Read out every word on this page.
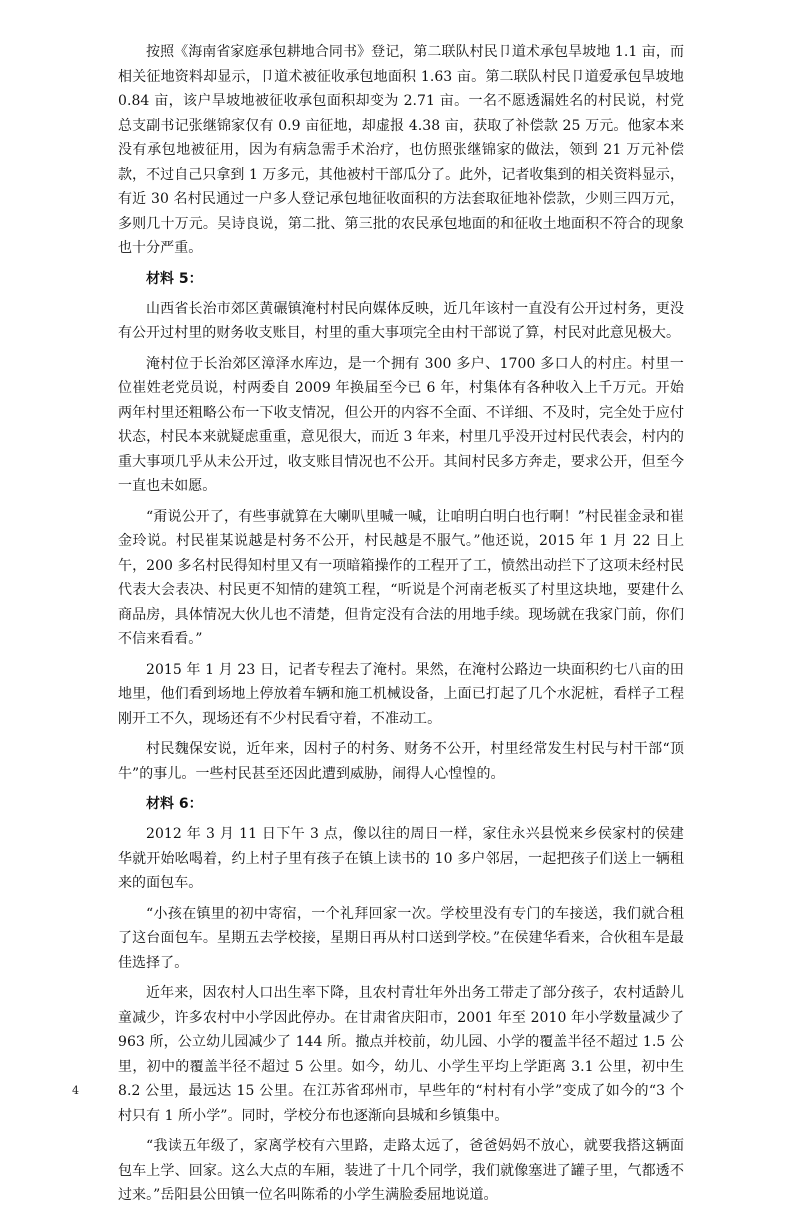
按照《海南省家庭承包耕地合同书》登记，第二联队村民卩道术承包旱坡地 1.1 亩，而相关征地资料却显示，卩道术被征收承包地面积 1.63 亩。第二联队村民卩道爱承包旱坡地 0.84 亩，该户旱坡地被征收承包面积却变为 2.71 亩。一名不愿透漏姓名的村民说，村党总支副书记张继锦家仅有 0.9 亩征地，却虚报 4.38 亩，获取了补偿款 25 万元。他家本来没有承包地被征用，因为有病急需手术治疗，也仿照张继锦家的做法，领到 21 万元补偿款，不过自己只拿到 1 万多元，其他被村干部瓜分了。此外，记者收集到的相关资料显示，有近 30 名村民通过一户多人登记承包地征收面积的方法套取征地补偿款，少则三四万元，多则几十万元。吴诗良说，第二批、第三批的农民承包地面的和征收土地面积不符合的现象也十分严重。

材料 5：

山西省长治市郊区黄碾镇淹村村民向媒体反映，近几年该村一直没有公开过村务，更没有公开过村里的财务收支账目，村里的重大事项完全由村干部说了算，村民对此意见极大。

淹村位于长治郊区漳泽水库边，是一个拥有 300 多户、1700 多口人的村庄。村里一位崔姓老党员说，村两委自 2009 年换届至今已 6 年，村集体有各种收入上千万元。开始两年村里还粗略公布一下收支情况，但公开的内容不全面、不详细、不及时，完全处于应付状态，村民本来就疑虑重重，意见很大，而近 3 年来，村里几乎没开过村民代表会，村内的重大事项几乎从未公开过，收支账目情况也不公开。其间村民多方奔走，要求公开，但至今一直也未如愿。

“甭说公开了，有些事就算在大喇叭里喊一喊，让咱明白明白也行啊！”村民崔金录和崔金玲说。村民崔某说越是村务不公开，村民越是不服气。”他还说，2015 年 1 月 22 日上午，200 多名村民得知村里又有一项暗箱操作的工程开了工，愤然出动拦下了这项未经村民代表大会表决、村民更不知情的建筑工程，“听说是个河南老板买了村里这块地，要建什么商品房，具体情况大伙儿也不清楚，但肯定没有合法的用地手续。现场就在我家门前，你们不信来看看。”

2015 年 1 月 23 日，记者专程去了淹村。果然，在淹村公路边一块面积约七八亩的田地里，他们看到场地上停放着车辆和施工机械设备，上面已打起了几个水泥桩，看样子工程刚开工不久，现场还有不少村民看守着，不准动工。

村民魏保安说，近年来，因村子的村务、财务不公开，村里经常发生村民与村干部“顶牛”的事儿。一些村民甚至还因此遭到威胁，闹得人心惶惶的。

材料 6：

2012 年 3 月 11 日下午 3 点，像以往的周日一样，家住永兴县悦来乡侯家村的侯建华就开始吆喝着，约上村子里有孩子在镇上读书的 10 多户邻居，一起把孩子们送上一辆租来的面包车。

“小孩在镇里的初中寄宿，一个礼拜回家一次。学校里没有专门的车接送，我们就合租了这台面包车。星期五去学校接，星期日再从村口送到学校。”在侯建华看来，合伙租车是最佳选择了。

近年来，因农村人口出生率下降，且农村青壮年外出务工带走了部分孩子，农村适龄儿童减少，许多农村中小学因此停办。在甘肃省庆阳市，2001 年至 2010 年小学数量减少了 963 所，公立幼儿园减少了 144 所。撤点并校前，幼儿园、小学的覆盖半径不超过 1.5 公里，初中的覆盖半径不超过 5 公里。如今，幼儿、小学生平均上学距离 3.1 公里，初中生 8.2 公里，最远达 15 公里。在江苏省邳州市，早些年的“村村有小学”变成了如今的“3 个村只有 1 所小学”。同时，学校分布也逐渐向县城和乡镇集中。

“我读五年级了，家离学校有六里路，走路太远了，爸爸妈妈不放心，就要我搭这辆面包车上学、回家。这么大点的车厢，装进了十几个同学，我们就像塞进了罐子里，气都透不过来。”岳阳县公田镇一位名叫陈希的小学生满脸委屈地说道。

4
